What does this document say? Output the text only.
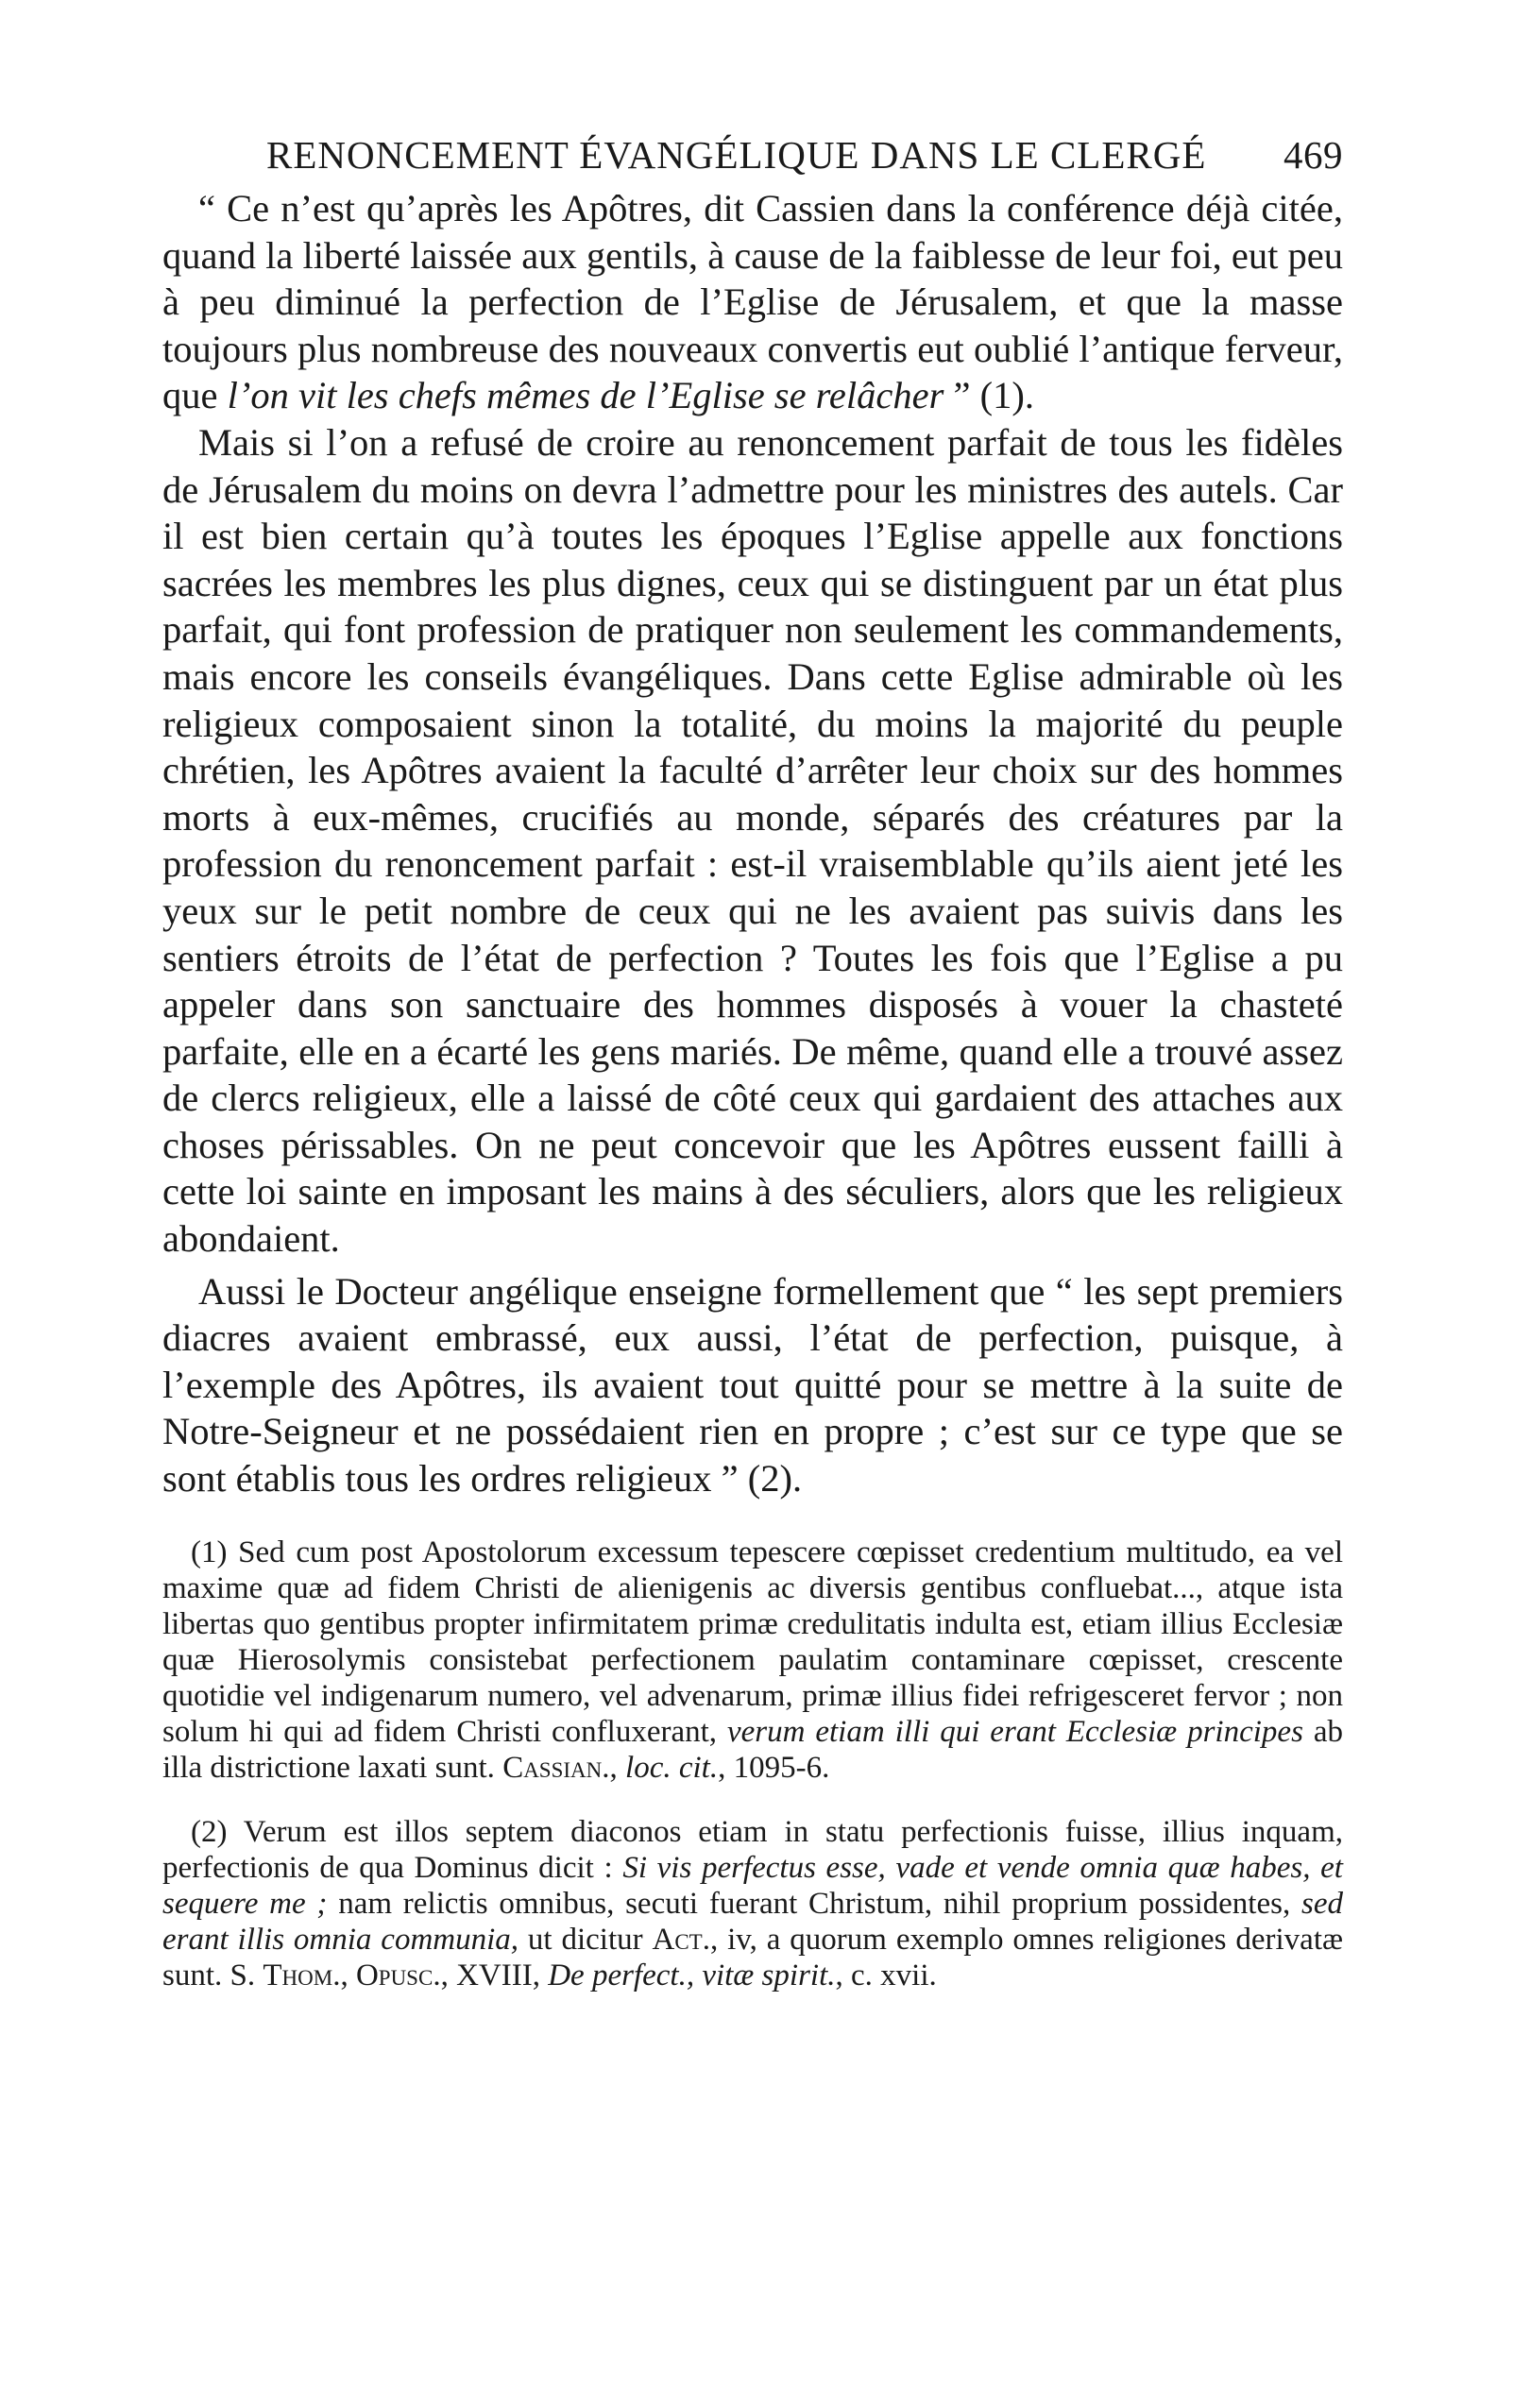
RENONCEMENT ÉVANGÉLIQUE DANS LE CLERGÉ 469

“ Ce n’est qu’après les Apôtres, dit Cassien dans la conférence déjà citée, quand la liberté laissée aux gentils, à cause de la faiblesse de leur foi, eut peu à peu diminué la perfection de l’Eglise de Jérusalem, et que la masse toujours plus nombreuse des nouveaux convertis eut oublié l’antique ferveur, que l’on vit les chefs mêmes de l’Eglise se relâcher ” (1).

Mais si l’on a refusé de croire au renoncement parfait de tous les fidèles de Jérusalem du moins on devra l’admettre pour les ministres des autels. Car il est bien certain qu’à toutes les époques l’Eglise appelle aux fonctions sacrées les membres les plus dignes, ceux qui se distinguent par un état plus parfait, qui font profession de pratiquer non seulement les commandements, mais encore les conseils évangéliques. Dans cette Eglise admirable où les religieux composaient sinon la totalité, du moins la majorité du peuple chrétien, les Apôtres avaient la faculté d’arrêter leur choix sur des hommes morts à eux-mêmes, crucifiés au monde, séparés des créatures par la profession du renoncement parfait : est-il vraisemblable qu’ils aient jeté les yeux sur le petit nombre de ceux qui ne les avaient pas suivis dans les sentiers étroits de l’état de perfection ? Toutes les fois que l’Eglise a pu appeler dans son sanctuaire des hommes disposés à vouer la chasteté parfaite, elle en a écarté les gens mariés. De même, quand elle a trouvé assez de clercs religieux, elle a laissé de côté ceux qui gardaient des attaches aux choses périssables. On ne peut concevoir que les Apôtres eussent failli à cette loi sainte en imposant les mains à des séculiers, alors que les religieux abondaient.

Aussi le Docteur angélique enseigne formellement que “ les sept premiers diacres avaient embrassé, eux aussi, l’état de perfection, puisque, à l’exemple des Apôtres, ils avaient tout quitté pour se mettre à la suite de Notre-Seigneur et ne possédaient rien en propre ; c’est sur ce type que se sont établis tous les ordres religieux ” (2).

(1) Sed cum post Apostolorum excessum tepescere cœpisset credentium multitudo, ea vel maxime quæ ad fidem Christi de alienigenis ac diversis gentibus confluebat..., atque ista libertas quo gentibus propter infirmitatem primæ credulitatis indulta est, etiam illius Ecclesiæ quæ Hierosolymis consistebat perfectionem paulatim contaminare cœpisset, crescente quotidie vel indigenarum numero, vel advenarum, primæ illius fidei refrigesceret fervor ; non solum hi qui ad fidem Christi confluxerant, verum etiam illi qui erant Ecclesiæ principes ab illa districtione laxati sunt. Cassian., loc. cit., 1095-6.

(2) Verum est illos septem diaconos etiam in statu perfectionis fuisse, illius inquam, perfectionis de qua Dominus dicit : Si vis perfectus esse, vade et vende omnia quæ habes, et sequere me ; nam relictis omnibus, secuti fuerant Christum, nihil proprium possidentes, sed erant illis omnia communia, ut dicitur Act., iv, a quorum exemplo omnes religiones derivatæ sunt. S. Thom., Opusc., XVIII, De perfect., vitæ spirit., c. xvii.
